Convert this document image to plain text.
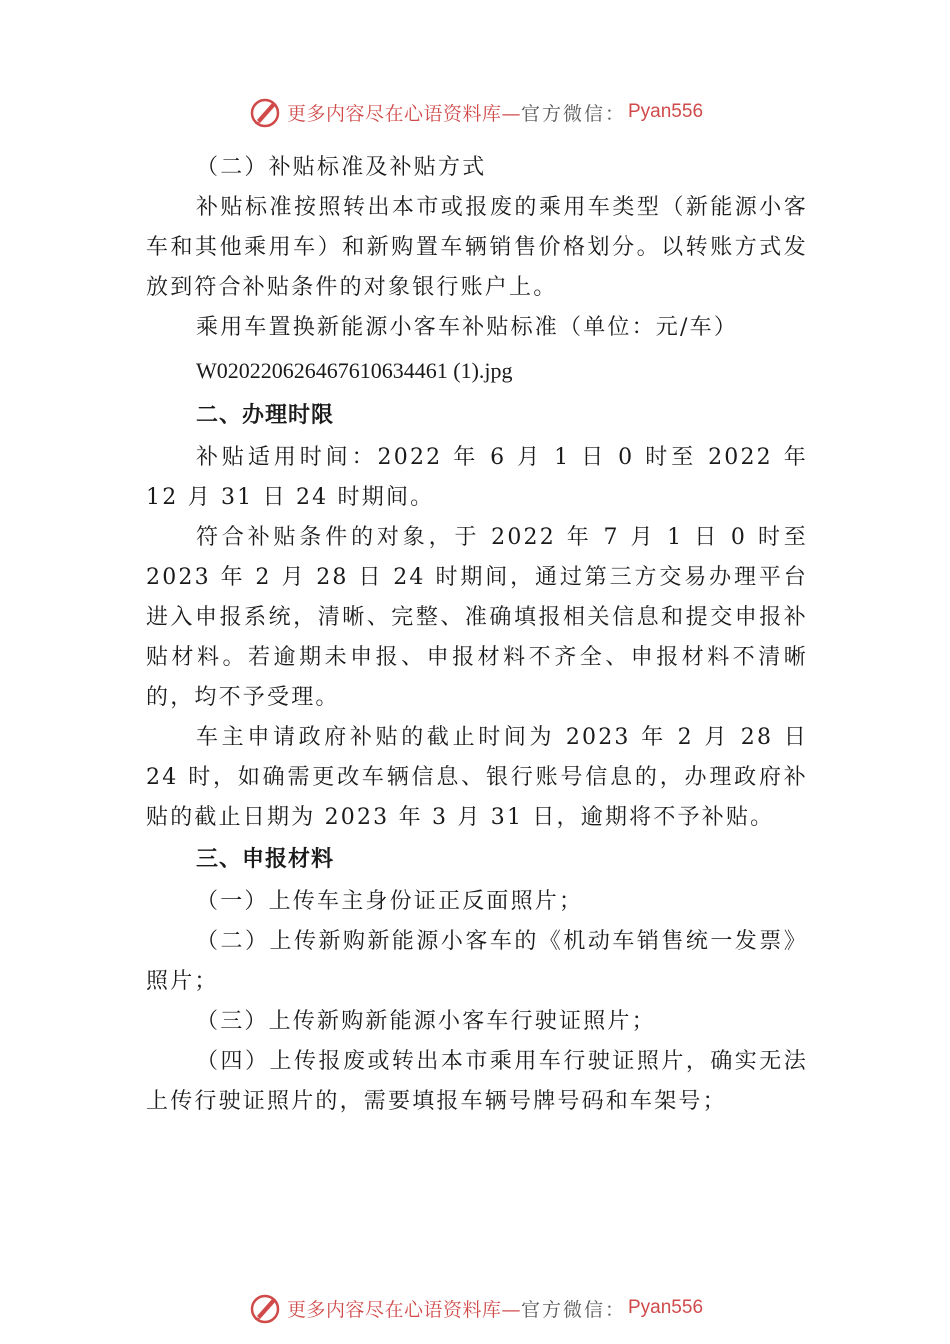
更多内容尽在心语资料库— 官方微信： Pyan556

（二）补贴标准及补贴方式

补贴标准按照转出本市或报废的乘用车类型（新能源小客车和其他乘用车）和新购置车辆销售价格划分。以转账方式发放到符合补贴条件的对象银行账户上。

乘用车置换新能源小客车补贴标准（单位：元/车）

W020220626467610634461 (1).jpg

二、办理时限

补贴适用时间：2022 年 6 月 1 日 0 时至 2022 年 12 月 31 日 24 时期间。

符合补贴条件的对象，于 2022 年 7 月 1 日 0 时至 2023 年 2 月 28 日 24 时期间，通过第三方交易办理平台进入申报系统，清晰、完整、准确填报相关信息和提交申报补贴材料。若逾期未申报、申报材料不齐全、申报材料不清晰的，均不予受理。

车主申请政府补贴的截止时间为 2023 年 2 月 28 日 24 时，如确需更改车辆信息、银行账号信息的，办理政府补贴的截止日期为 2023 年 3 月 31 日，逾期将不予补贴。

三、申报材料

（一）上传车主身份证正反面照片；

（二）上传新购新能源小客车的《机动车销售统一发票》照片；

（三）上传新购新能源小客车行驶证照片；

（四）上传报废或转出本市乘用车行驶证照片，确实无法上传行驶证照片的，需要填报车辆号牌号码和车架号；

更多内容尽在心语资料库— 官方微信： Pyan556
